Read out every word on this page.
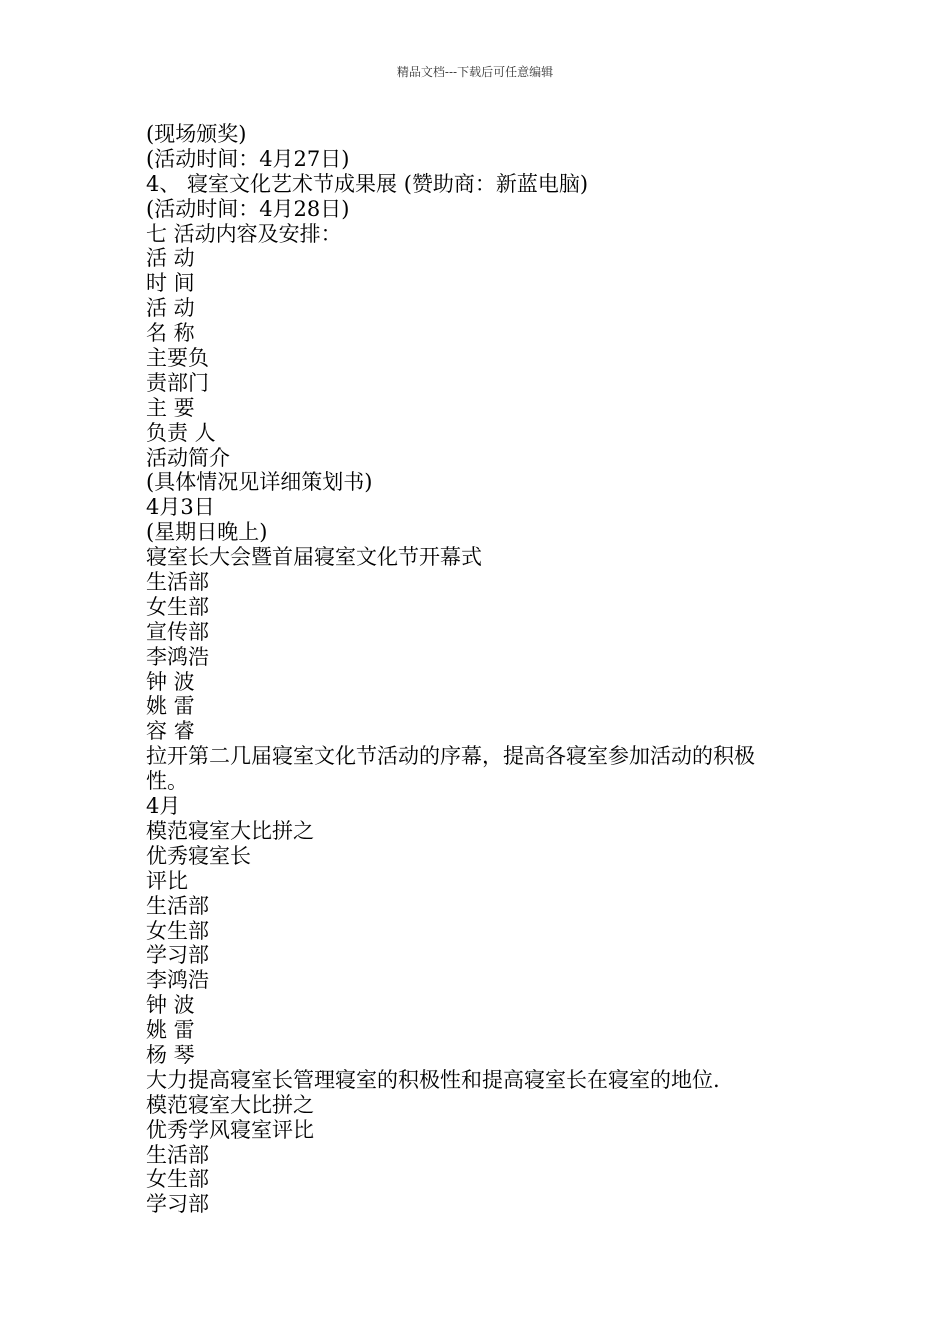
精品文档---下载后可任意编辑
(现场颁奖)
(活动时间：4月27日)
4、 寝室文化艺术节成果展 (赞助商：新蓝电脑)
(活动时间：4月28日)
七 活动内容及安排：
活 动
时 间
活 动
名 称
主要负
责部门
主 要
负责 人
活动简介
(具体情况见详细策划书)
4月3日
(星期日晚上)
寝室长大会暨首届寝室文化节开幕式
生活部
女生部
宣传部
李鸿浩
钟 波
姚 雷
容 睿
拉开第二几届寝室文化节活动的序幕，提高各寝室参加活动的积极
性。
4月
模范寝室大比拼之
优秀寝室长
评比
生活部
女生部
学习部
李鸿浩
钟 波
姚 雷
杨 琴
大力提高寝室长管理寝室的积极性和提高寝室长在寝室的地位.
模范寝室大比拼之
优秀学风寝室评比
生活部
女生部
学习部
